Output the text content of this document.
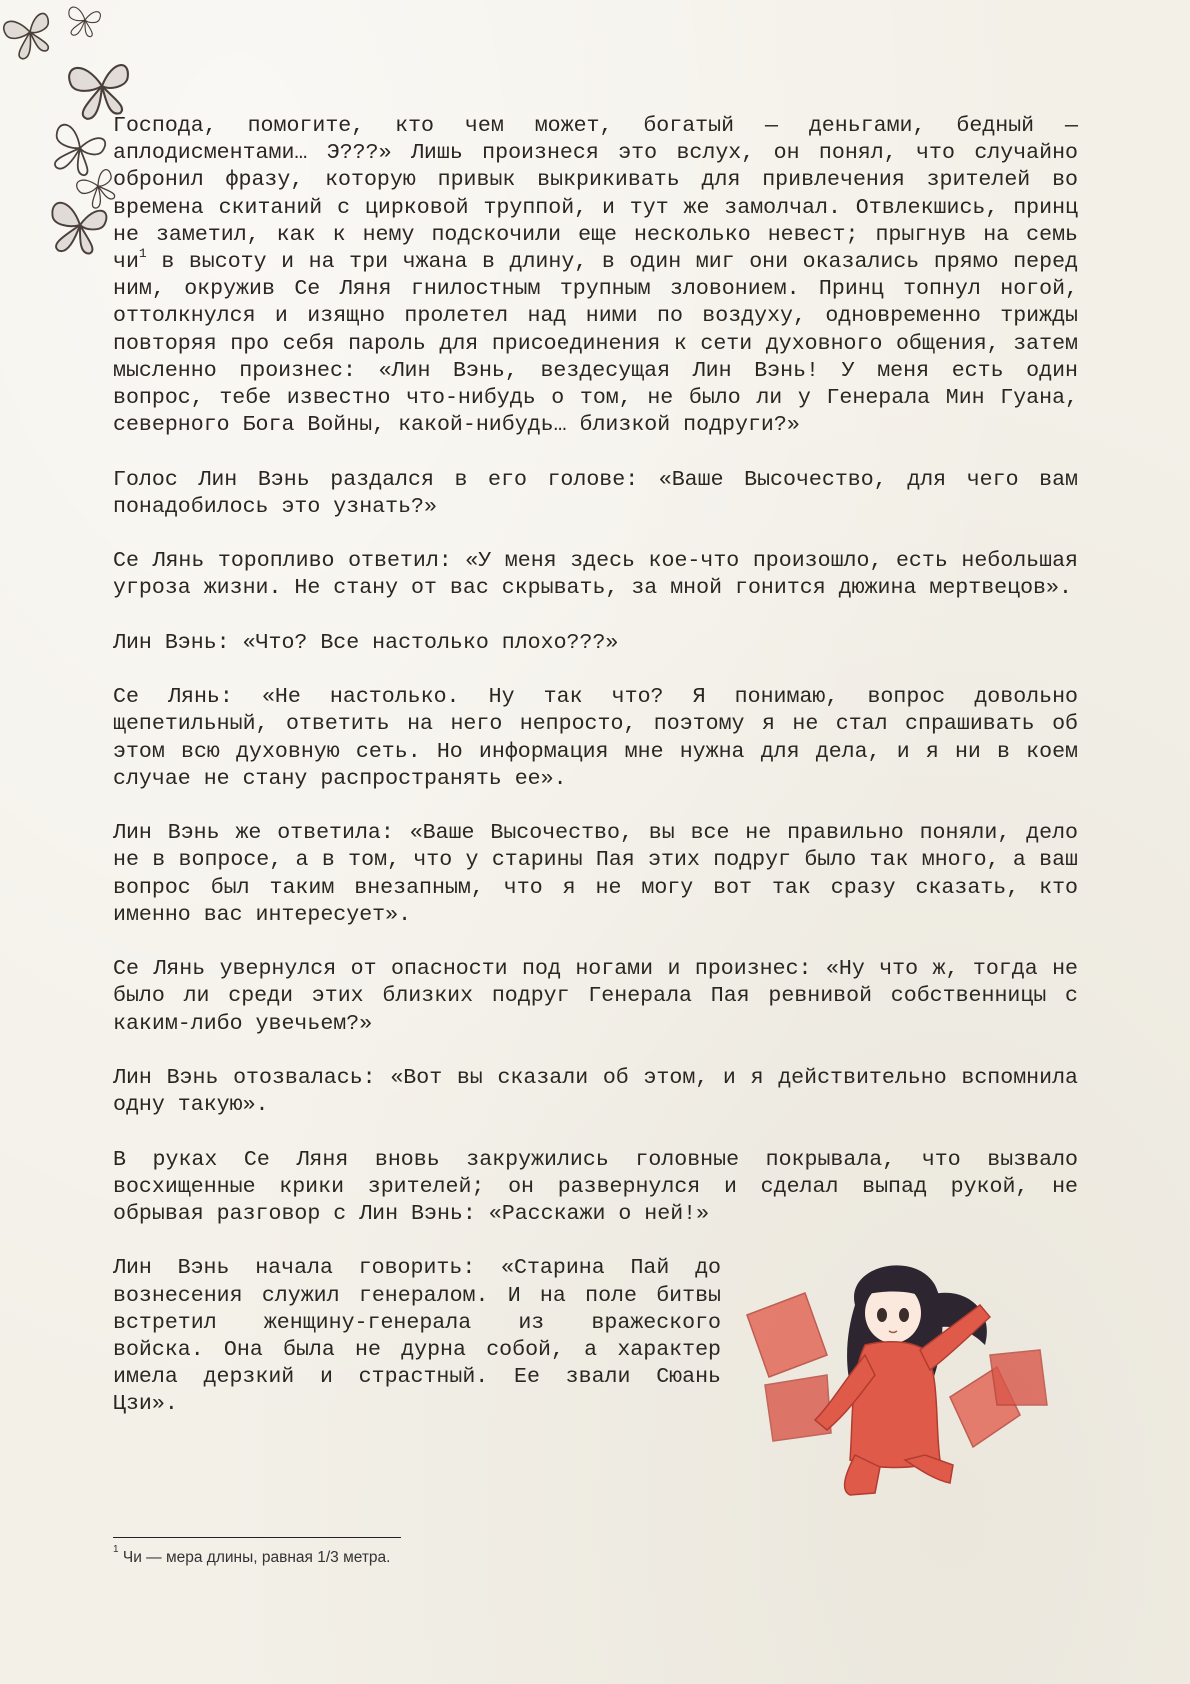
Господа, помогите, кто чем может, богатый — деньгами, бедный — аплодисментами… Э???» Лишь произнеся это вслух, он понял, что случайно обронил фразу, которую привык выкрикивать для привлечения зрителей во времена скитаний с цирковой труппой, и тут же замолчал. Отвлекшись, принц не заметил, как к нему подскочили еще несколько невест; прыгнув на семь $чи^1$ в высоту и на три чжана в длину, в один миг они оказались прямо перед ним, окружив Се Ляня гнилостным трупным зловонием. Принц топнул ногой, оттолкнулся и изящно пролетел над ними по воздуху, одновременно трижды повторяя про себя пароль для присоединения к сети духовного общения, затем мысленно произнес: «Лин Вэнь, вездесущая Лин Вэнь! У меня есть один вопрос, тебе известно что-нибудь о том, не было ли у Генерала Мин Гуана, северного Бога Войны, какой-нибудь… близкой подруги?»

Голос Лин Вэнь раздался в его голове: «Ваше Высочество, для чего вам понадобилось это узнать?»

Се Лянь торопливо ответил: «У меня здесь кое-что произошло, есть небольшая угроза жизни. Не стану от вас скрывать, за мной гонится дюжина мертвецов».

Лин Вэнь: «Что? Все настолько плохо???»

Се Лянь: «Не настолько. Ну так что? Я понимаю, вопрос довольно щепетильный, ответить на него непросто, поэтому я не стал спрашивать об этом всю духовную сеть. Но информация мне нужна для дела, и я ни в коем случае не стану распространять ее».

Лин Вэнь же ответила: «Ваше Высочество, вы все не правильно поняли, дело не в вопросе, а в том, что у старины Пая этих подруг было так много, а ваш вопрос был таким внезапным, что я не могу вот так сразу сказать, кто именно вас интересует».

Се Лянь увернулся от опасности под ногами и произнес: «Ну что ж, тогда не было ли среди этих близких подруг Генерала Пая ревнивой собственницы с каким-либо увечьем?»

Лин Вэнь отозвалась: «Вот вы сказали об этом, и я действительно вспомнила одну такую».

В руках Се Ляня вновь закружились головные покрывала, что вызвало восхищенные крики зрителей; он развернулся и сделал выпад рукой, не обрывая разговор с Лин Вэнь: «Расскажи о ней!»

Лин Вэнь начала говорить: «Старина Пай до вознесения служил генералом. И на поле битвы встретил женщину-генерала из вражеского войска. Она была не дурна собой, а характер имела дерзкий и страстный. Ее звали Сюань Цзи».

$^1$ Чи — мера длины, равная 1/3 метра.
